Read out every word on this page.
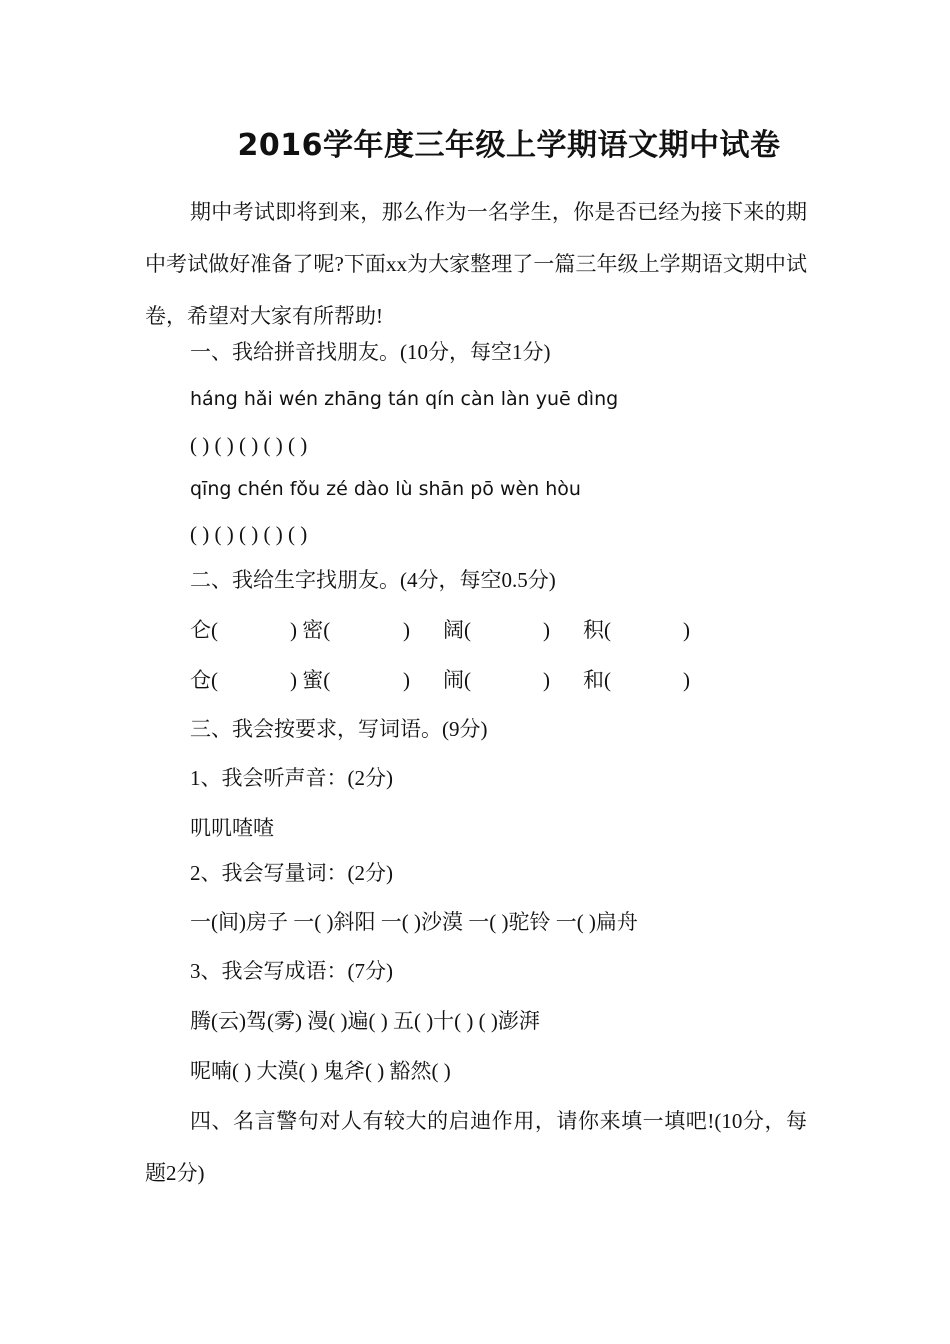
2016学年度三年级上学期语文期中试卷
期中考试即将到来，那么作为一名学生，你是否已经为接下来的期中考试做好准备了呢?下面xx为大家整理了一篇三年级上学期语文期中试卷，希望对大家有所帮助!
一、我给拼音找朋友。(10分，每空1分)
háng hǎi wén zhāng tán qín càn làn yuē dìng
( ) ( ) ( ) ( ) ( )
qīng chén fǒu zé dào lù shān pō wèn hòu
( ) ( ) ( ) ( ) ( )
二、我给生字找朋友。(4分，每空0.5分)
仑(	) 密(	) 阔(	) 积(	)
仓(	) 蜜(	) 闹(	) 和(	)
三、我会按要求，写词语。(9分)
1、我会听声音：(2分)
叽叽喳喳
2、我会写量词：(2分)
一(间)房子 一( )斜阳 一( )沙漠 一( )驼铃 一( )扁舟
3、我会写成语：(7分)
腾(云)驾(雾) 漫( )遍( ) 五( )十( ) ( )澎湃
呢喃( ) 大漠( ) 鬼斧( ) 豁然( )
四、名言警句对人有较大的启迪作用，请你来填一填吧!(10分，每题2分)
